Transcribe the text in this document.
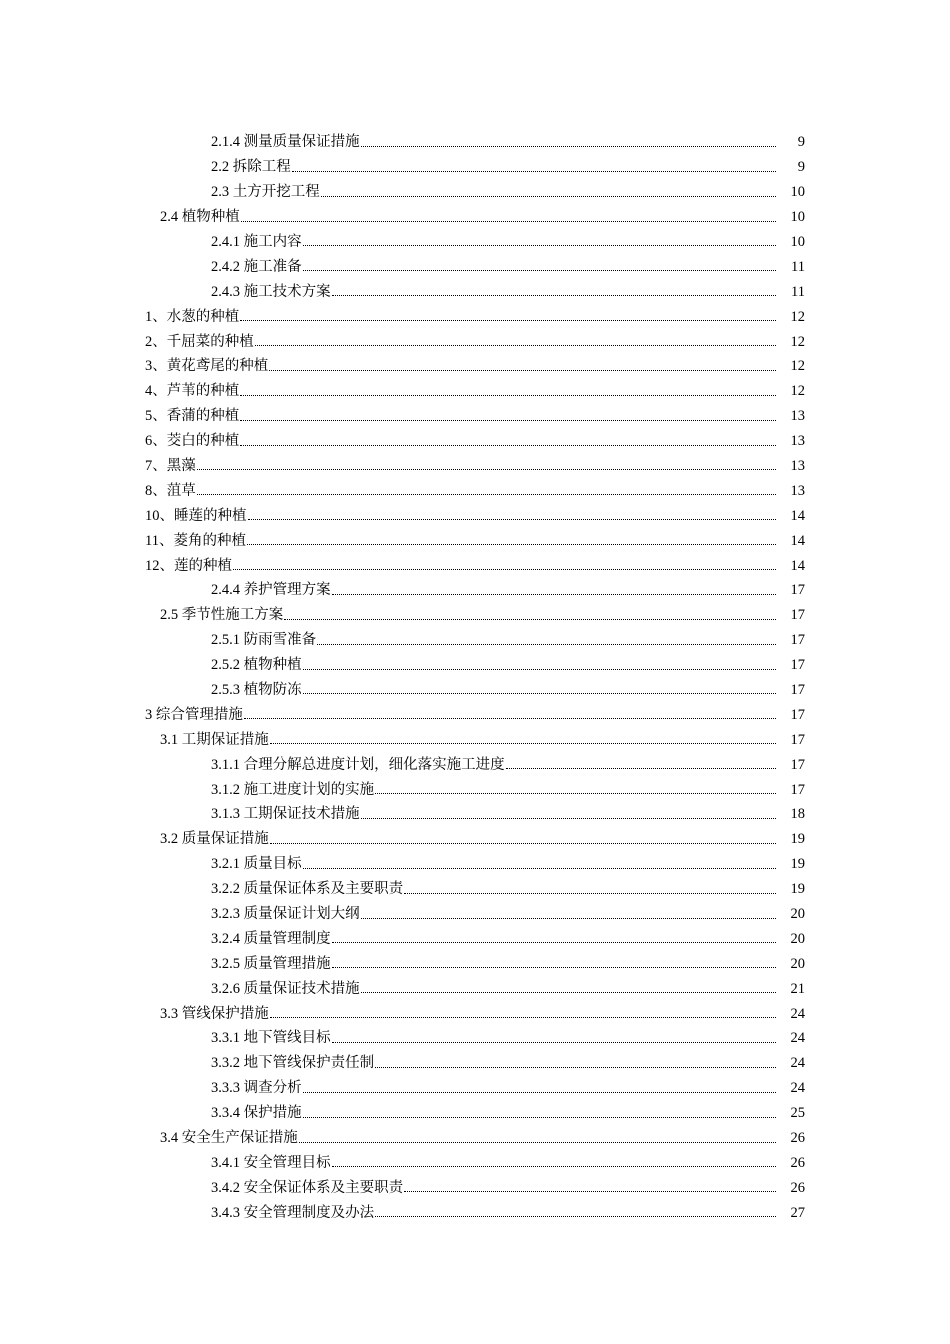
2.1.4 测量质量保证措施	9
2.2 拆除工程	9
2.3 土方开挖工程	10
2.4 植物种植	10
2.4.1 施工内容	10
2.4.2 施工准备	11
2.4.3 施工技术方案	11
1、水葱的种植	12
2、千屈菜的种植	12
3、黄花鸢尾的种植	12
4、芦苇的种植	12
5、香蒲的种植	13
6、茭白的种植	13
7、黑藻	13
8、菹草	13
10、睡莲的种植	14
11、菱角的种植	14
12、莲的种植	14
2.4.4 养护管理方案	17
2.5 季节性施工方案	17
2.5.1 防雨雪准备	17
2.5.2 植物种植	17
2.5.3 植物防冻	17
3 综合管理措施	17
3.1 工期保证措施	17
3.1.1 合理分解总进度计划，细化落实施工进度	17
3.1.2 施工进度计划的实施	17
3.1.3 工期保证技术措施	18
3.2 质量保证措施	19
3.2.1 质量目标	19
3.2.2 质量保证体系及主要职责	19
3.2.3 质量保证计划大纲	20
3.2.4 质量管理制度	20
3.2.5 质量管理措施	20
3.2.6 质量保证技术措施	21
3.3 管线保护措施	24
3.3.1 地下管线目标	24
3.3.2 地下管线保护责任制	24
3.3.3 调查分析	24
3.3.4 保护措施	25
3.4 安全生产保证措施	26
3.4.1 安全管理目标	26
3.4.2 安全保证体系及主要职责	26
3.4.3 安全管理制度及办法	27
